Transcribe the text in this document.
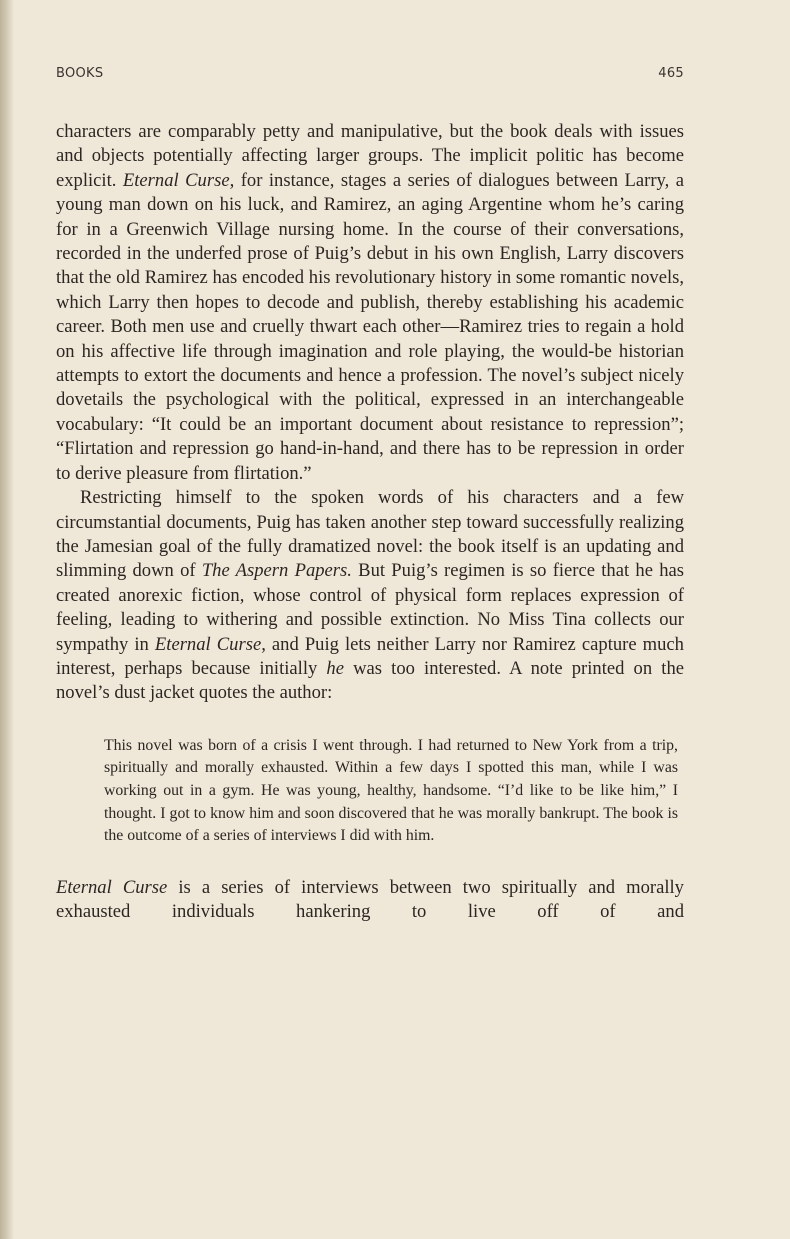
BOOKS	465

characters are comparably petty and manipulative, but the book deals with issues and objects potentially affecting larger groups. The implicit politic has become explicit. Eternal Curse, for instance, stages a series of dialogues between Larry, a young man down on his luck, and Ramirez, an aging Argentine whom he’s caring for in a Greenwich Village nursing home. In the course of their conversations, recorded in the underfed prose of Puig’s debut in his own English, Larry discovers that the old Ramirez has encoded his revolutionary history in some romantic novels, which Larry then hopes to decode and publish, thereby establishing his academic career. Both men use and cruelly thwart each other—Ramirez tries to regain a hold on his affective life through imagination and role playing, the would-be historian attempts to extort the documents and hence a profession. The novel’s subject nicely dovetails the psychological with the political, expressed in an interchangeable vocabulary: “It could be an important document about resistance to repression”; “Flirtation and repression go hand-in-hand, and there has to be repression in order to derive pleasure from flirtation.”

Restricting himself to the spoken words of his characters and a few circumstantial documents, Puig has taken another step toward successfully realizing the Jamesian goal of the fully dramatized novel: the book itself is an updating and slimming down of The Aspern Papers. But Puig’s regimen is so fierce that he has created anorexic fiction, whose control of physical form replaces expression of feeling, leading to withering and possible extinction. No Miss Tina collects our sympathy in Eternal Curse, and Puig lets neither Larry nor Ramirez capture much interest, perhaps because initially he was too interested. A note printed on the novel’s dust jacket quotes the author:

This novel was born of a crisis I went through. I had returned to New York from a trip, spiritually and morally exhausted. Within a few days I spotted this man, while I was working out in a gym. He was young, healthy, handsome. “I’d like to be like him,” I thought. I got to know him and soon discovered that he was morally bankrupt. The book is the outcome of a series of interviews I did with him.
Eternal Curse is a series of interviews between two spiritually and morally exhausted individuals hankering to live off of and
